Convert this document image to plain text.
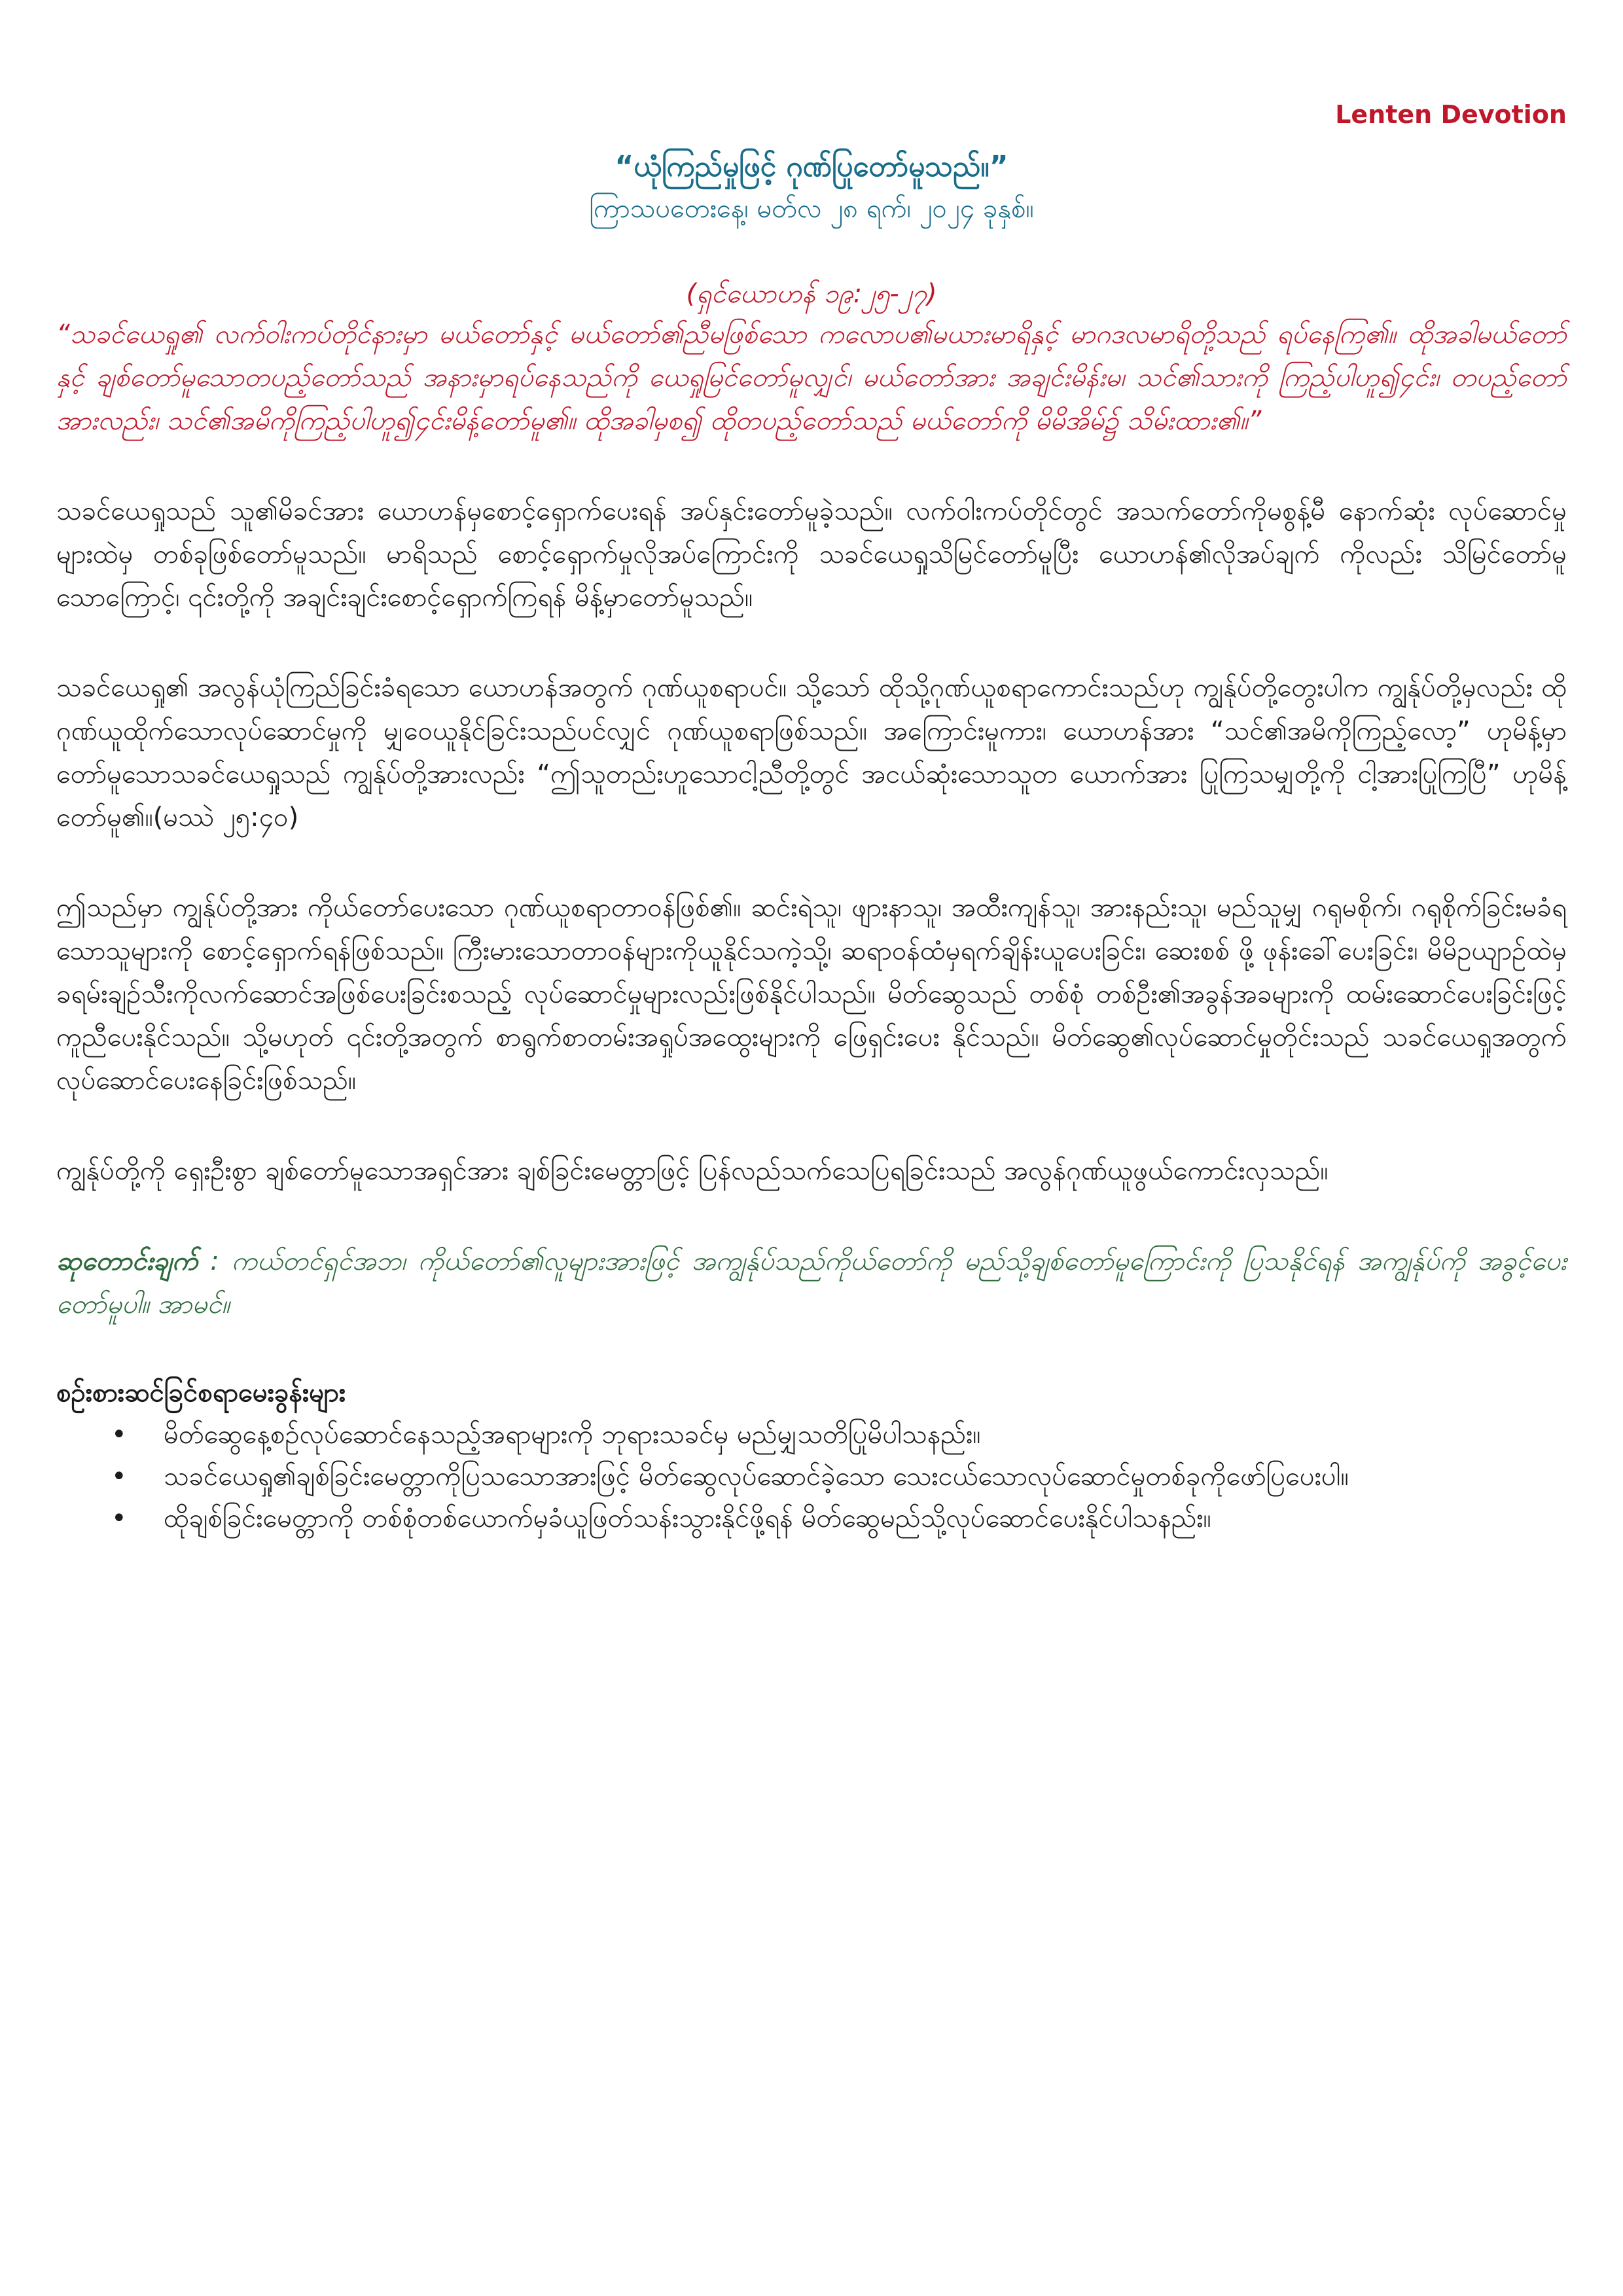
Lenten Devotion

“ယုံကြည်မှုဖြင့် ဂုဏ်ပြုတော်မူသည်။”

ကြာသပတေးနေ့၊ မတ်လ ၂၈ ရက်၊ ၂၀၂၄ ခုနှစ်။

(ရှင်ယောဟန် ၁၉:၂၅-၂၇)

“သခင်ယေရှု၏ လက်ဝါးကပ်တိုင်နားမှာ မယ်တော်နှင့် မယ်တော်၏ညီမဖြစ်သော ကလောပ၏မယားမာရိနှင့် မာဂဒလမာရိတို့သည် ရပ်နေကြ၏။ ထိုအခါမယ်တော်နှင့် ချစ်တော်မူသောတပည့်တော်သည် အနားမှာရပ်နေသည်ကို ယေရှုမြင်တော်မူလျှင်၊ မယ်တော်အား အချင်းမိန်းမ၊ သင်၏သားကို ကြည့်ပါဟူ၍၄င်း၊ တပည့်တော်အားလည်း၊ သင်၏အမိကိုကြည့်ပါဟူ၍၄င်းမိန့်တော်မူ၏။ ထိုအခါမှစ၍ ထိုတပည့်တော်သည် မယ်တော်ကို မိမိအိမ်၌ သိမ်းထား၏။”

သခင်ယေရှုသည် သူ၏မိခင်အား ယောဟန်မှစောင့်ရှောက်ပေးရန် အပ်နှင်းတော်မူခဲ့သည်။ လက်ဝါးကပ်တိုင်တွင် အသက်တော်ကိုမစွန့်မီ နောက်ဆုံး လုပ်ဆောင်မှုများထဲမှ တစ်ခုဖြစ်တော်မူသည်။ မာရိသည် စောင့်ရှောက်မှုလိုအပ်ကြောင်းကို သခင်ယေရှုသိမြင်တော်မူပြီး ယောဟန်၏လိုအပ်ချက် ကိုလည်း သိမြင်တော်မူသောကြောင့်၊ ၎င်းတို့ကို အချင်းချင်းစောင့်ရှောက်ကြရန် မိန့်မှာတော်မူသည်။

သခင်ယေရှု၏ အလွန်ယုံကြည်ခြင်းခံရသော ယောဟန်အတွက် ဂုဏ်ယူစရာပင်။ သို့သော် ထိုသို့ဂုဏ်ယူစရာကောင်းသည်ဟု ကျွန်ုပ်တို့တွေးပါက ကျွန်ုပ်တို့မှလည်း ထိုဂုဏ်ယူထိုက်သောလုပ်ဆောင်မှုကို မျှဝေယူနိုင်ခြင်းသည်ပင်လျှင် ဂုဏ်ယူစရာဖြစ်သည်။ အကြောင်းမူကား၊ ယောဟန်အား “သင်၏အမိကိုကြည့်လော့” ဟုမိန့်မှာတော်မူသောသခင်ယေရှုသည် ကျွန်ုပ်တို့အားလည်း “ဤသူတည်းဟူသောငါ့ညီတို့တွင် အငယ်ဆုံးသောသူတ ယောက်အား ပြုကြသမျှတို့ကို ငါ့အားပြုကြပြီ” ဟုမိန့်တော်မူ၏။(မဿဲ ၂၅:၄၀)

ဤသည်မှာ ကျွန်ုပ်တို့အား ကိုယ်တော်ပေးသော ဂုဏ်ယူစရာတာဝန်ဖြစ်၏။ ဆင်းရဲသူ၊ ဖျားနာသူ၊ အထီးကျန်သူ၊ အားနည်းသူ၊ မည်သူမျှ ဂရုမစိုက်၊ ဂရုစိုက်ခြင်းမခံရသောသူများကို စောင့်ရှောက်ရန်ဖြစ်သည်။ ကြီးမားသောတာဝန်များကိုယူနိုင်သကဲ့သို့၊ ဆရာဝန်ထံမှရက်ချိန်းယူပေးခြင်း၊ ဆေးစစ် ဖို့ ဖုန်းခေါ်ပေးခြင်း၊ မိမိဥယျာဉ်ထဲမှ ခရမ်းချဉ်သီးကိုလက်ဆောင်အဖြစ်ပေးခြင်းစသည့် လုပ်ဆောင်မှုများလည်းဖြစ်နိုင်ပါသည်။ မိတ်ဆွေသည် တစ်စုံ တစ်ဦး၏အခွန်အခများကို ထမ်းဆောင်ပေးခြင်းဖြင့်ကူညီပေးနိုင်သည်။ သို့မဟုတ် ၎င်းတို့အတွက် စာရွက်စာတမ်းအရှုပ်အထွေးများကို ဖြေရှင်းပေး နိုင်သည်။ မိတ်ဆွေ၏လုပ်ဆောင်မှုတိုင်းသည် သခင်ယေရှုအတွက် လုပ်ဆောင်ပေးနေခြင်းဖြစ်သည်။

ကျွန်ုပ်တို့ကို ရှေးဦးစွာ ချစ်တော်မူသောအရှင်အား ချစ်ခြင်းမေတ္တာဖြင့် ပြန်လည်သက်သေပြရခြင်းသည် အလွန်ဂုဏ်ယူဖွယ်ကောင်းလှသည်။

ဆုတောင်းချက် : ကယ်တင်ရှင်အဘ၊ ကိုယ်တော်၏လူများအားဖြင့် အကျွန်ုပ်သည်ကိုယ်တော်ကို မည်သို့ချစ်တော်မူကြောင်းကို ပြသနိုင်ရန် အကျွန်ုပ်ကို အခွင့်ပေးတော်မူပါ။ အာမင်။

စဉ်းစားဆင်ခြင်စရာမေးခွန်းများ

• မိတ်ဆွေနေ့စဉ်လုပ်ဆောင်နေသည့်အရာများကို ဘုရားသခင်မှ မည်မျှသတိပြုမိပါသနည်း။
• သခင်ယေရှု၏ချစ်ခြင်းမေတ္တာကိုပြသသောအားဖြင့် မိတ်ဆွေလုပ်ဆောင်ခဲ့သော သေးငယ်သောလုပ်ဆောင်မှုတစ်ခုကိုဖော်ပြပေးပါ။
• ထိုချစ်ခြင်းမေတ္တာကို တစ်စုံတစ်ယောက်မှခံယူဖြတ်သန်းသွားနိုင်ဖို့ရန် မိတ်ဆွေမည်သို့လုပ်ဆောင်ပေးနိုင်ပါသနည်း။
